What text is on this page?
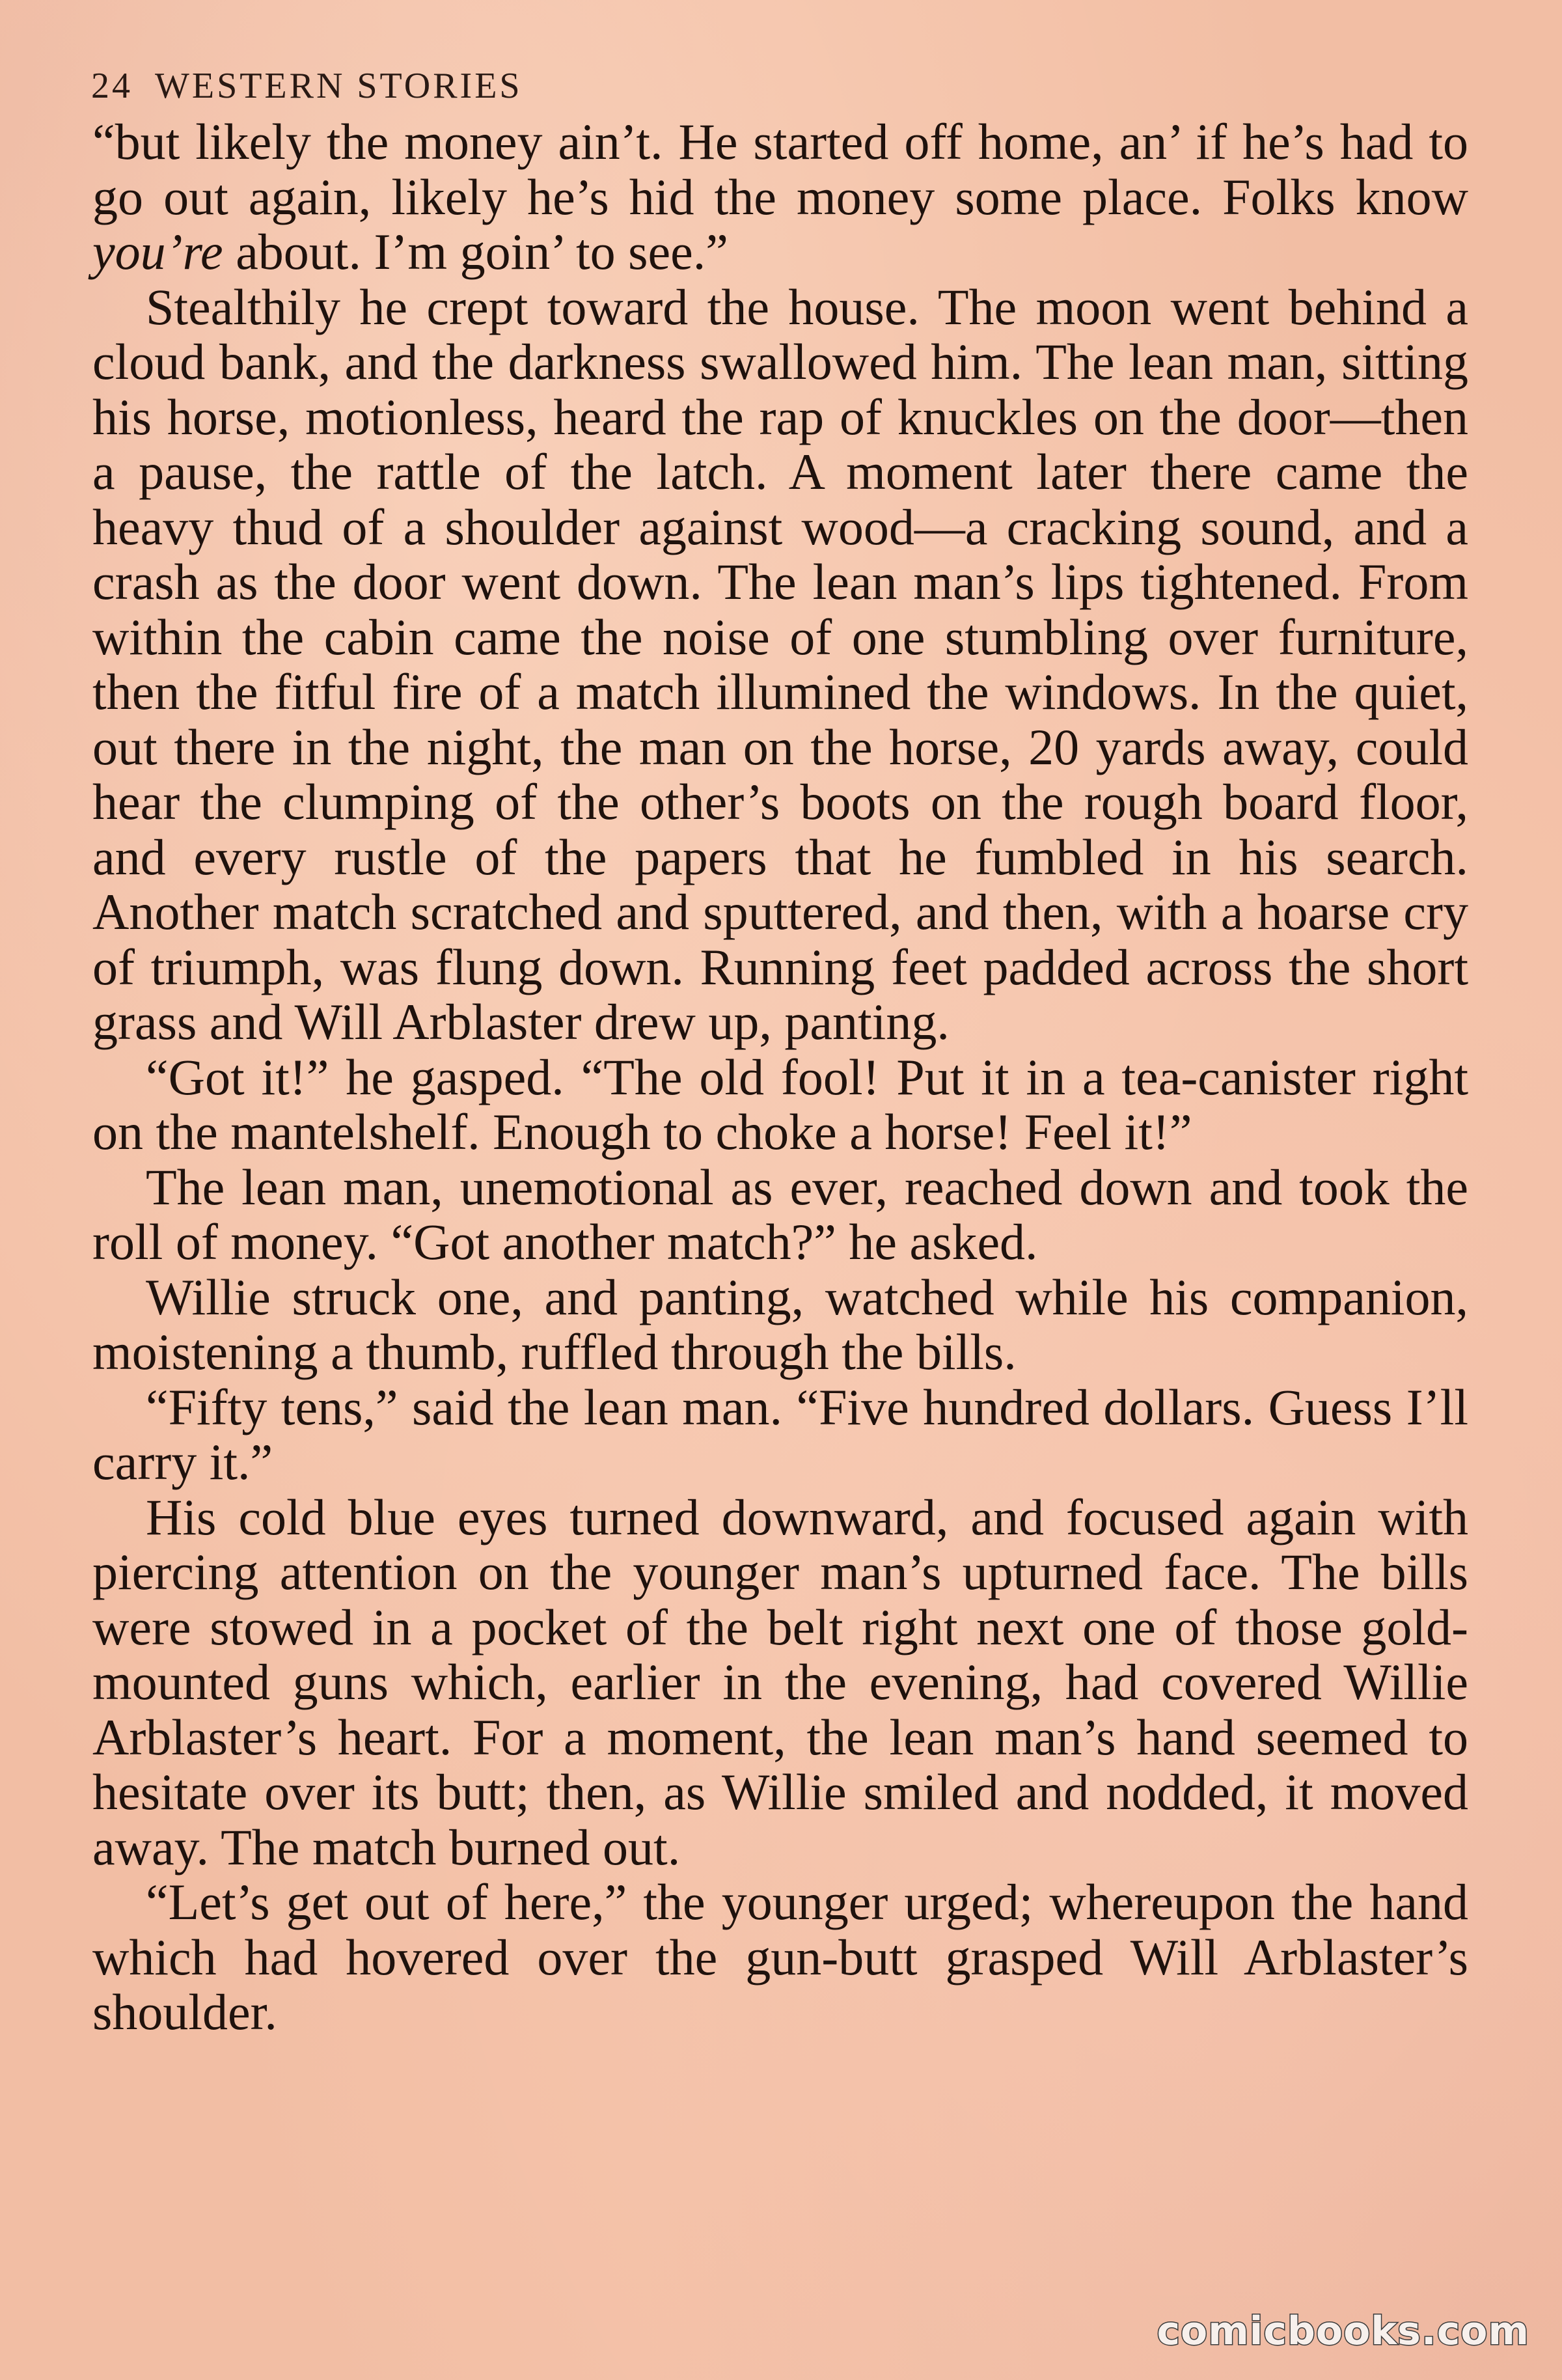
24 WESTERN STORIES

“but likely the money ain’t. He started off home, an’ if he’s had to go out again, likely he’s hid the money some place. Folks know you’re about. I’m goin’ to see.”

Stealthily he crept toward the house. The moon went behind a cloud bank, and the darkness swallowed him. The lean man, sitting his horse, motionless, heard the rap of knuckles on the door—then a pause, the rattle of the latch. A moment later there came the heavy thud of a shoulder against wood—a cracking sound, and a crash as the door went down. The lean man’s lips tightened. From within the cabin came the noise of one stumbling over furniture, then the fitful fire of a match illumined the windows. In the quiet, out there in the night, the man on the horse, 20 yards away, could hear the clumping of the other’s boots on the rough board floor, and every rustle of the papers that he fumbled in his search. Another match scratched and sputtered, and then, with a hoarse cry of triumph, was flung down. Running feet padded across the short grass and Will Arblaster drew up, panting.

“Got it!” he gasped. “The old fool! Put it in a tea-canister right on the mantelshelf. Enough to choke a horse! Feel it!”

The lean man, unemotional as ever, reached down and took the roll of money. “Got another match?” he asked.

Willie struck one, and panting, watched while his companion, moistening a thumb, ruffled through the bills.

“Fifty tens,” said the lean man. “Five hundred dollars. Guess I’ll carry it.”

His cold blue eyes turned downward, and focused again with piercing attention on the younger man’s upturned face. The bills were stowed in a pocket of the belt right next one of those gold-mounted guns which, earlier in the evening, had covered Willie Arblaster’s heart. For a moment, the lean man’s hand seemed to hesitate over its butt; then, as Willie smiled and nodded, it moved away. The match burned out.

“Let’s get out of here,” the younger urged; whereupon the hand which had hovered over the gun-butt grasped Will Arblaster’s shoulder.

comicbooks.com
